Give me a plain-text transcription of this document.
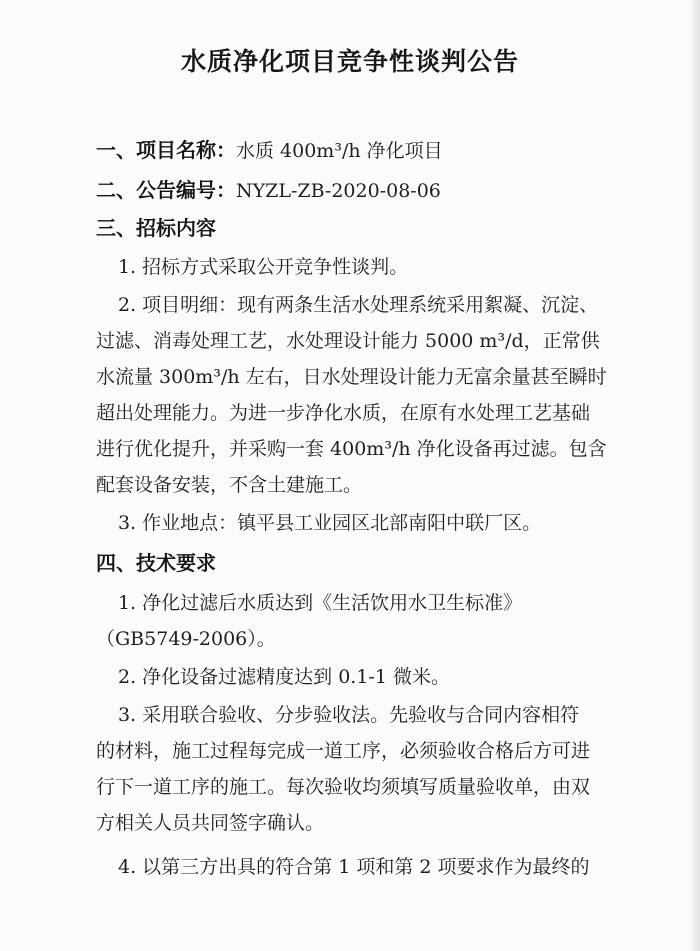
水质净化项目竞争性谈判公告
一、项目名称：水质 400m³/h 净化项目
二、公告编号：NYZL-ZB-2020-08-06
三、招标内容
1. 招标方式采取公开竞争性谈判。
2. 项目明细：现有两条生活水处理系统采用絮凝、沉淀、
过滤、消毒处理工艺，水处理设计能力 5000 m³/d，正常供
水流量 300m³/h 左右，日水处理设计能力无富余量甚至瞬时
超出处理能力。为进一步净化水质，在原有水处理工艺基础
进行优化提升，并采购一套 400m³/h 净化设备再过滤。包含
配套设备安装，不含土建施工。
3. 作业地点：镇平县工业园区北部南阳中联厂区。
四、技术要求
1. 净化过滤后水质达到《生活饮用水卫生标准》
（GB5749-2006）。
2. 净化设备过滤精度达到 0.1-1 微米。
3. 采用联合验收、分步验收法。先验收与合同内容相符
的材料，施工过程每完成一道工序，必须验收合格后方可进
行下一道工序的施工。每次验收均须填写质量验收单，由双
方相关人员共同签字确认。
4. 以第三方出具的符合第 1 项和第 2 项要求作为最终的
